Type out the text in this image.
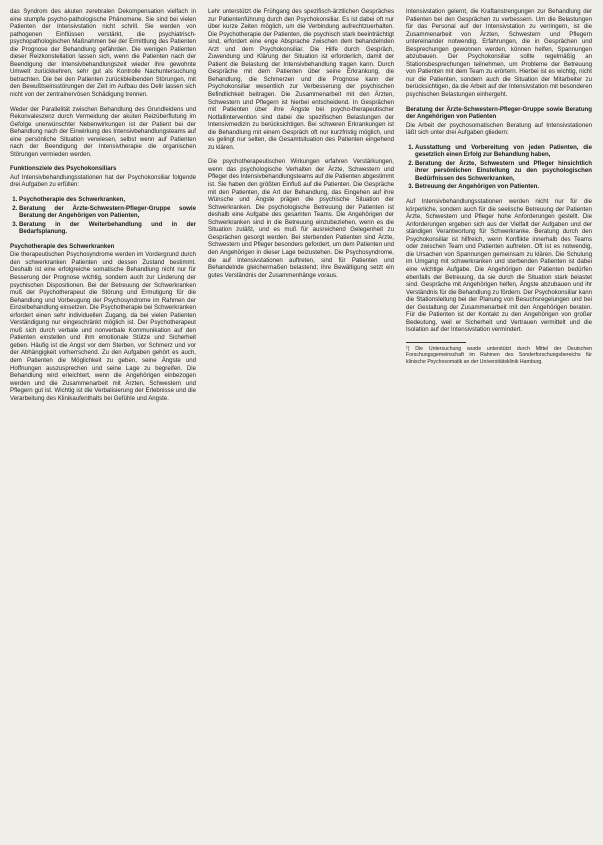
das Syndrom des akuten zerebralen Dekompensation vielfach in eine stumpfe psycho-pathologische Phänomene. Sie sind bei vielen Patienten der Intensivstation nicht schrill. Sie werden von pathogenen Einflüssen verstärkt, die psychiatrisch-psychopathologischen Maßnahmen bei der Ermittlung des Patienten die Prognose der Behandlung gefährden. Die wenigen Patienten dieser Reizkonstellation lassen sich, wenn die Patienten nach der Beendigung der Intensivbehandlungszeit wieder ihre gewohnte Umwelt zurückkehren, sehr gut als Kontrolle Nachuntersuchung betrachten. Die bei den Patienten zurückbleibenden Störungen, mit den Bewußtseinsstörungen der Zeit im Aufbau des Delir lassen sich nicht von der zentralnervösen Schädigung trennen.

Weder der Parallelität zwischen Behandlung des Grundleidens und Rekonvaleszenz durch Vermeidung der akuten Reizüberflutung im Gefolge unerwünschter Nebenwirkungen ist der Patient bei der Behandlung nach der Einwirkung des Intensivbehandlungsteams auf eine persönliche Situation verwiesen, selbst wenn auf Patienten nach der Beendigung der Intensivtherapie die organischen Störungen vermieden werden.

Funktionsziele des Psychokonsiliars

Auf Intensivbehandlungsstationen hat der Psychokonsiliar folgende drei Aufgaben zu erfüllen:

1. Psychotherapie des Schwerkranken,
2. Beratung der Ärzte-Schwestern-Pfleger-Gruppe sowie Beratung der Angehörigen von Patienten,
3. Beratung in der Weiterbehandlung und in der Bedarfsplanung.
Psychotherapie des Schwerkranken

Die therapeutischen Psychosyndrome werden im Vordergrund durch den schwerkranken Patienten und dessen Zustand bestimmt. Deshalb ist eine erfolgreiche somatische Behandlung nicht nur für Besserung der Prognose wichtig, sondern auch zur Linderung der psychischen Dispositionen. Bei der Betreuung der Schwerkranken muß der Psychotherapeut die Störung und Ermutigung für die Behandlung und Vorbeugung der Psychosyndrome im Rahmen der Einzelbehandlung einsetzen. Die Psychotherapie bei Schwerkranken erfordert einen sehr individuellen Zugang, da bei vielen Patienten Verständigung nur eingeschränkt möglich ist. Der Psychotherapeut muß sich durch verbale und nonverbale Kommunikation auf den Patienten einstellen und ihm emotionale Stütze und Sicherheit geben. Häufig ist die Angst vor dem Sterben, vor Schmerz und vor der Abhängigkeit vorherrschend. Zu den Aufgaben gehört es auch, dem Patienten die Möglichkeit zu geben, seine Ängste und Hoffnungen auszusprechen und seine Lage zu begreifen. Die Behandlung wird erleichtert, wenn die Angehörigen einbezogen werden und die Zusammenarbeit mit Ärzten, Schwestern und Pflegern gut ist. Wichtig ist die Verbalisierung der Erlebnisse und die Verarbeitung des Klinikaufenthalts bei Gefühle und Angste.

Lehr unterstützt die Frühgang des spezifisch-ärztlichen Gespräches zur Patientenführung durch den Psychokonsiliar. Es ist dabei oft nur über kurze Zeiten möglich, um die Verbindung aufrechtzuerhalten. Die Psychotherapie der Patienten, die psychisch stark beeinträchtigt sind, erfordert eine enge Absprache zwischen dem behandelnden Arzt und dem Psychokonsiliar. Die Hilfe durch Gespräch, Zuwendung und Klärung der Situation ist erforderlich, damit der Patient die Belastung der Intensivbehandlung tragen kann. Durch Gespräche mit dem Patienten über seine Erkrankung, die Behandlung, die Schmerzen und die Prognose kann der Psychokonsiliar wesentlich zur Verbesserung der psychischen Befindlichkeit beitragen. Die Zusammenarbeit mit den Ärzten, Schwestern und Pflegern ist hierbei entscheidend. In Gesprächen mit Patienten über ihre Ängste bei psycho-therapeutischer Notfallintervention sind dabei die spezifischen Belastungen der Intensivmedizin zu berücksichtigen. Bei schweren Erkrankungen ist die Behandlung mit einem Gespräch oft nur kurzfristig möglich, und es gelingt nur selten, die Gesamtsituation des Patienten eingehend zu klären.

Die psychotherapeutischen Wirkungen erfahren Verstärkungen, wenn das psychologische Verhalten der Ärzte, Schwestern und Pfleger des Intensivbehandlungsteams auf die Patienten abgestimmt ist. Sie haben den größten Einfluß auf die Patienten. Die Gespräche mit den Patienten, die Art der Behandlung, das Eingehen auf ihre Wünsche und Ängste prägen die psychische Situation der Schwerkranken. Die psychologische Betreuung der Patienten ist deshalb eine Aufgabe des gesamten Teams. Die Angehörigen der Schwerkranken sind in die Betreuung einzubeziehen, wenn es die Situation zuläßt, und es muß für ausreichend Gelegenheit zu Gesprächen gesorgt werden. Bei sterbenden Patienten sind Ärzte, Schwestern und Pfleger besonders gefordert, um dem Patienten und den Angehörigen in dieser Lage beizustehen. Die Psychosyndrome, die auf Intensivstationen auftreten, sind für Patienten und Behandelnde gleichermaßen belastend; ihre Bewältigung setzt ein gutes Verständnis der Zusammenhänge voraus.

Intensivstation gelernt, die Kraftanstrengungen zur Behandlung der Patienten bei den Gesprächen zu verbessern. Um die Belastungen für das Personal auf der Intensivstation zu verringern, ist die Zusammenarbeit von Ärzten, Schwestern und Pflegern untereinander notwendig. Erfahrungen, die in Gesprächen und Besprechungen gewonnen werden, können helfen, Spannungen abzubauen. Der Psychokonsiliar sollte regelmäßig an Stationsbesprechungen teilnehmen, um Probleme der Betreuung von Patienten mit dem Team zu erörtern. Hierbei ist es wichtig, nicht nur die Patienten, sondern auch die Situation der Mitarbeiter zu berücksichtigen, da die Arbeit auf der Intensivstation mit besonderen psychischen Belastungen einhergeht.

Beratung der Ärzte-Schwestern-Pfleger-Gruppe sowie Beratung der Angehörigen von Patienten

Die Arbeit der psychosomatischen Beratung auf Intensivstationen läßt sich unter drei Aufgaben gliedern:

1. Ausstattung und Vorbereitung von jeden Patienten, die gesetzlich einen Erfolg zur Behandlung haben,
2. Beratung der Ärzte, Schwestern und Pfleger hinsichtlich ihrer persönlichen Einstellung zu den psychologischen Bedürfnissen des Schwerkranken,
3. Betreuung der Angehörigen von Patienten.

Auf Intensivbehandlungsstationen werden nicht nur für die körperliche, sondern auch für die seelische Betreuung der Patienten Ärzte, Schwestern und Pfleger hohe Anforderungen gestellt. Die Anforderungen ergeben sich aus der Vielfalt der Aufgaben und der ständigen Verantwortung für Schwerkranke. Beratung durch den Psychokonsiliar ist hilfreich, wenn Konflikte innerhalb des Teams oder zwischen Team und Patienten auftreten. Oft ist es notwendig, die Ursachen von Spannungen gemeinsam zu klären. Die Schulung im Umgang mit schwerkranken und sterbenden Patienten ist dabei eine wichtige Aufgabe. Die Angehörigen der Patienten bedürfen ebenfalls der Betreuung, da sie durch die Situation stark belastet sind. Gespräche mit Angehörigen helfen, Ängste abzubauen und ihr Verständnis für die Behandlung zu fördern. Der Psychokonsiliar kann die Stationsleitung bei der Planung von Besuchsregelungen und bei der Gestaltung der Zusammenarbeit mit den Angehörigen beraten. Für die Patienten ist der Kontakt zu den Angehörigen von großer Bedeutung, weil er Sicherheit und Vertrauen vermittelt und die Isolation auf der Intensivstation vermindert.

¹) Die Untersuchung wurde unterstützt durch Mittel der Deutschen Forschungsgemeinschaft im Rahmen des Sonderforschungsbereichs für klinische Psychosomatik an der Universitätsklinik Hamburg.
